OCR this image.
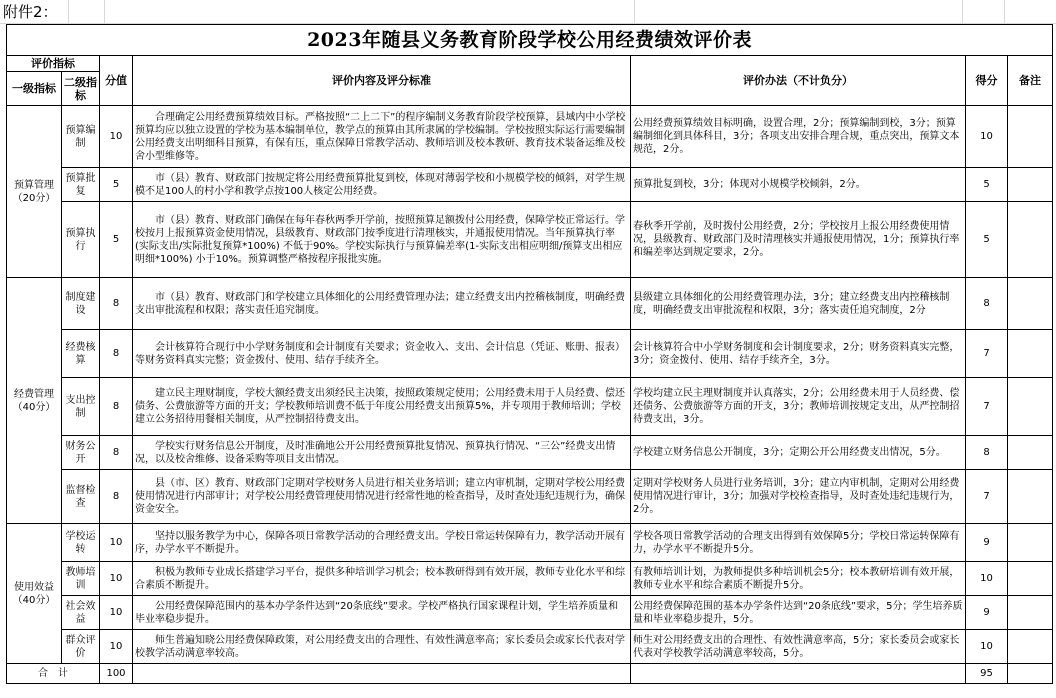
附件2：
2023年随县义务教育阶段学校公用经费绩效评价表						
评价指标		分值	评价内容及评分标准	评价办法（不计负分）	得分	备注
一级指标	二级指标					
预算管理（20分）	预算编制	10	合理确定公用经费预算绩效目标。严格按照“二上二下”的程序编制义务教育阶段学校预算，县域内中小学校预算均应以独立设置的学校为基本编制单位，教学点的预算由其所隶属的学校编制。学校按照实际运行需要编制公用经费支出明细科目预算，有保有压，重点保障日常教学活动、教师培训及校本教研、教育技术装备运维及校舍小型维修等。	公用经费预算绩效目标明确，设置合理，2分；预算编制到校，3分；预算编制细化到具体科目，3分；各项支出安排合理合规，重点突出，预算文本规范，2分。	10	
	预算批复	5	市（县）教育、财政部门按规定将公用经费预算批复到校，体现对薄弱学校和小规模学校的倾斜，对学生规模不足100人的村小学和教学点按100人核定公用经费。	预算批复到校，3分；体现对小规模学校倾斜，2分。	5	
	预算执行	5	市（县）教育、财政部门确保在每年春秋两季开学前，按照预算足额拨付公用经费，保障学校正常运行。学校按月上报预算资金使用情况，县级教育、财政部门按季度进行清理核实，并通报使用情况。当年预算执行率(实际支出/实际批复预算*100%) 不低于90%。学校实际执行与预算偏差率(1-实际支出相应明细/预算支出相应明细*100%) 小于10%。预算调整严格按程序报批实施。	春秋季开学前，及时拨付公用经费，2分；学校按月上报公用经费使用情况，县级教育、财政部门及时清理核实并通报使用情况，1分；预算执行率和编差率达到规定要求，2分。	5	
经费管理（40分）	制度建设	8	市（县）教育、财政部门和学校建立具体细化的公用经费管理办法；建立经费支出内控稽核制度，明确经费支出审批流程和权限；落实责任追究制度。	县级建立具体细化的公用经费管理办法，3分；建立经费支出内控稽核制度，明确经费支出审批流程和权限，3分；落实责任追究制度，2分	8	
	经费核算	8	会计核算符合现行中小学财务制度和会计制度有关要求；资金收入、支出、会计信息（凭证、账册、报表）等财务资料真实完整；资金拨付、使用、结存手续齐全。	会计核算符合中小学财务制度和会计制度要求，2分；财务资料真实完整，3分；资金拨付、使用、结存手续齐全，3分。	7	
	支出控制	8	建立民主理财制度，学校大额经费支出须经民主决策，按照政策规定使用；公用经费未用于人员经费、偿还债务、公费旅游等方面的开支；学校教师培训费不低于年度公用经费支出预算5%，并专项用于教师培训；学校建立公务招待用餐相关制度，从严控制招待费支出。	学校均建立民主理财制度并认真落实，2分；公用经费未用于人员经费、偿还债务、公费旅游等方面的开支，3分；教师培训按规定支出，从严控制招待费支出，3分。	7	
	财务公开	8	学校实行财务信息公开制度，及时准确地公开公用经费预算批复情况、预算执行情况、“三公”经费支出情况，以及校舍维修、设备采购等项目支出情况。	学校建立财务信息公开制度，3分；定期公开公用经费支出情况，5分。	8	
	监督检查	8	县（市、区）教育、财政部门定期对学校财务人员进行相关业务培训；建立内审机制，定期对学校公用经费使用情况进行内部审计；对学校公用经费管理使用情况进行经常性地的检查指导，及时查处违纪违规行为，确保资金安全。	定期对学校财务人员进行业务培训，3分；建立内审机制，定期对公用经费使用情况进行审计，3分；加强对学校检查指导，及时查处违纪违规行为，2分。	7	
使用效益（40分）	学校运转	10	坚持以服务教学为中心，保障各项日常教学活动的合理经费支出。学校日常运转保障有力，教学活动开展有序，办学水平不断提升。	学校各项日常教学活动的合理支出得到有效保障5分；学校日常运转保障有力，办学水平不断提升5分。	9	
	教师培训	10	积极为教师专业成长搭建学习平台，提供多种培训学习机会；校本教研得到有效开展，教师专业化水平和综合素质不断提升。	有教师培训计划，为教师提供多种培训机会5分；校本教研培训有效开展，教师专业水平和综合素质不断提升5分。	10	
	社会效益	10	公用经费保障范围内的基本办学条件达到“20条底线”要求。学校严格执行国家课程计划，学生培养质量和毕业率稳步提升。	公用经费保障范围的基本办学条件达到“20条底线”要求，5分；学生培养质量和毕业率稳步提升，5分。	9	
	群众评价	10	师生普遍知晓公用经费保障政策，对公用经费支出的合理性、有效性满意率高；家长委员会或家长代表对学校教学活动满意率较高。	师生对公用经费支出的合理性、有效性满意率高，5分；家长委员会或家长代表对学校教学活动满意率较高，5分。	10	
合　计		100			95	
